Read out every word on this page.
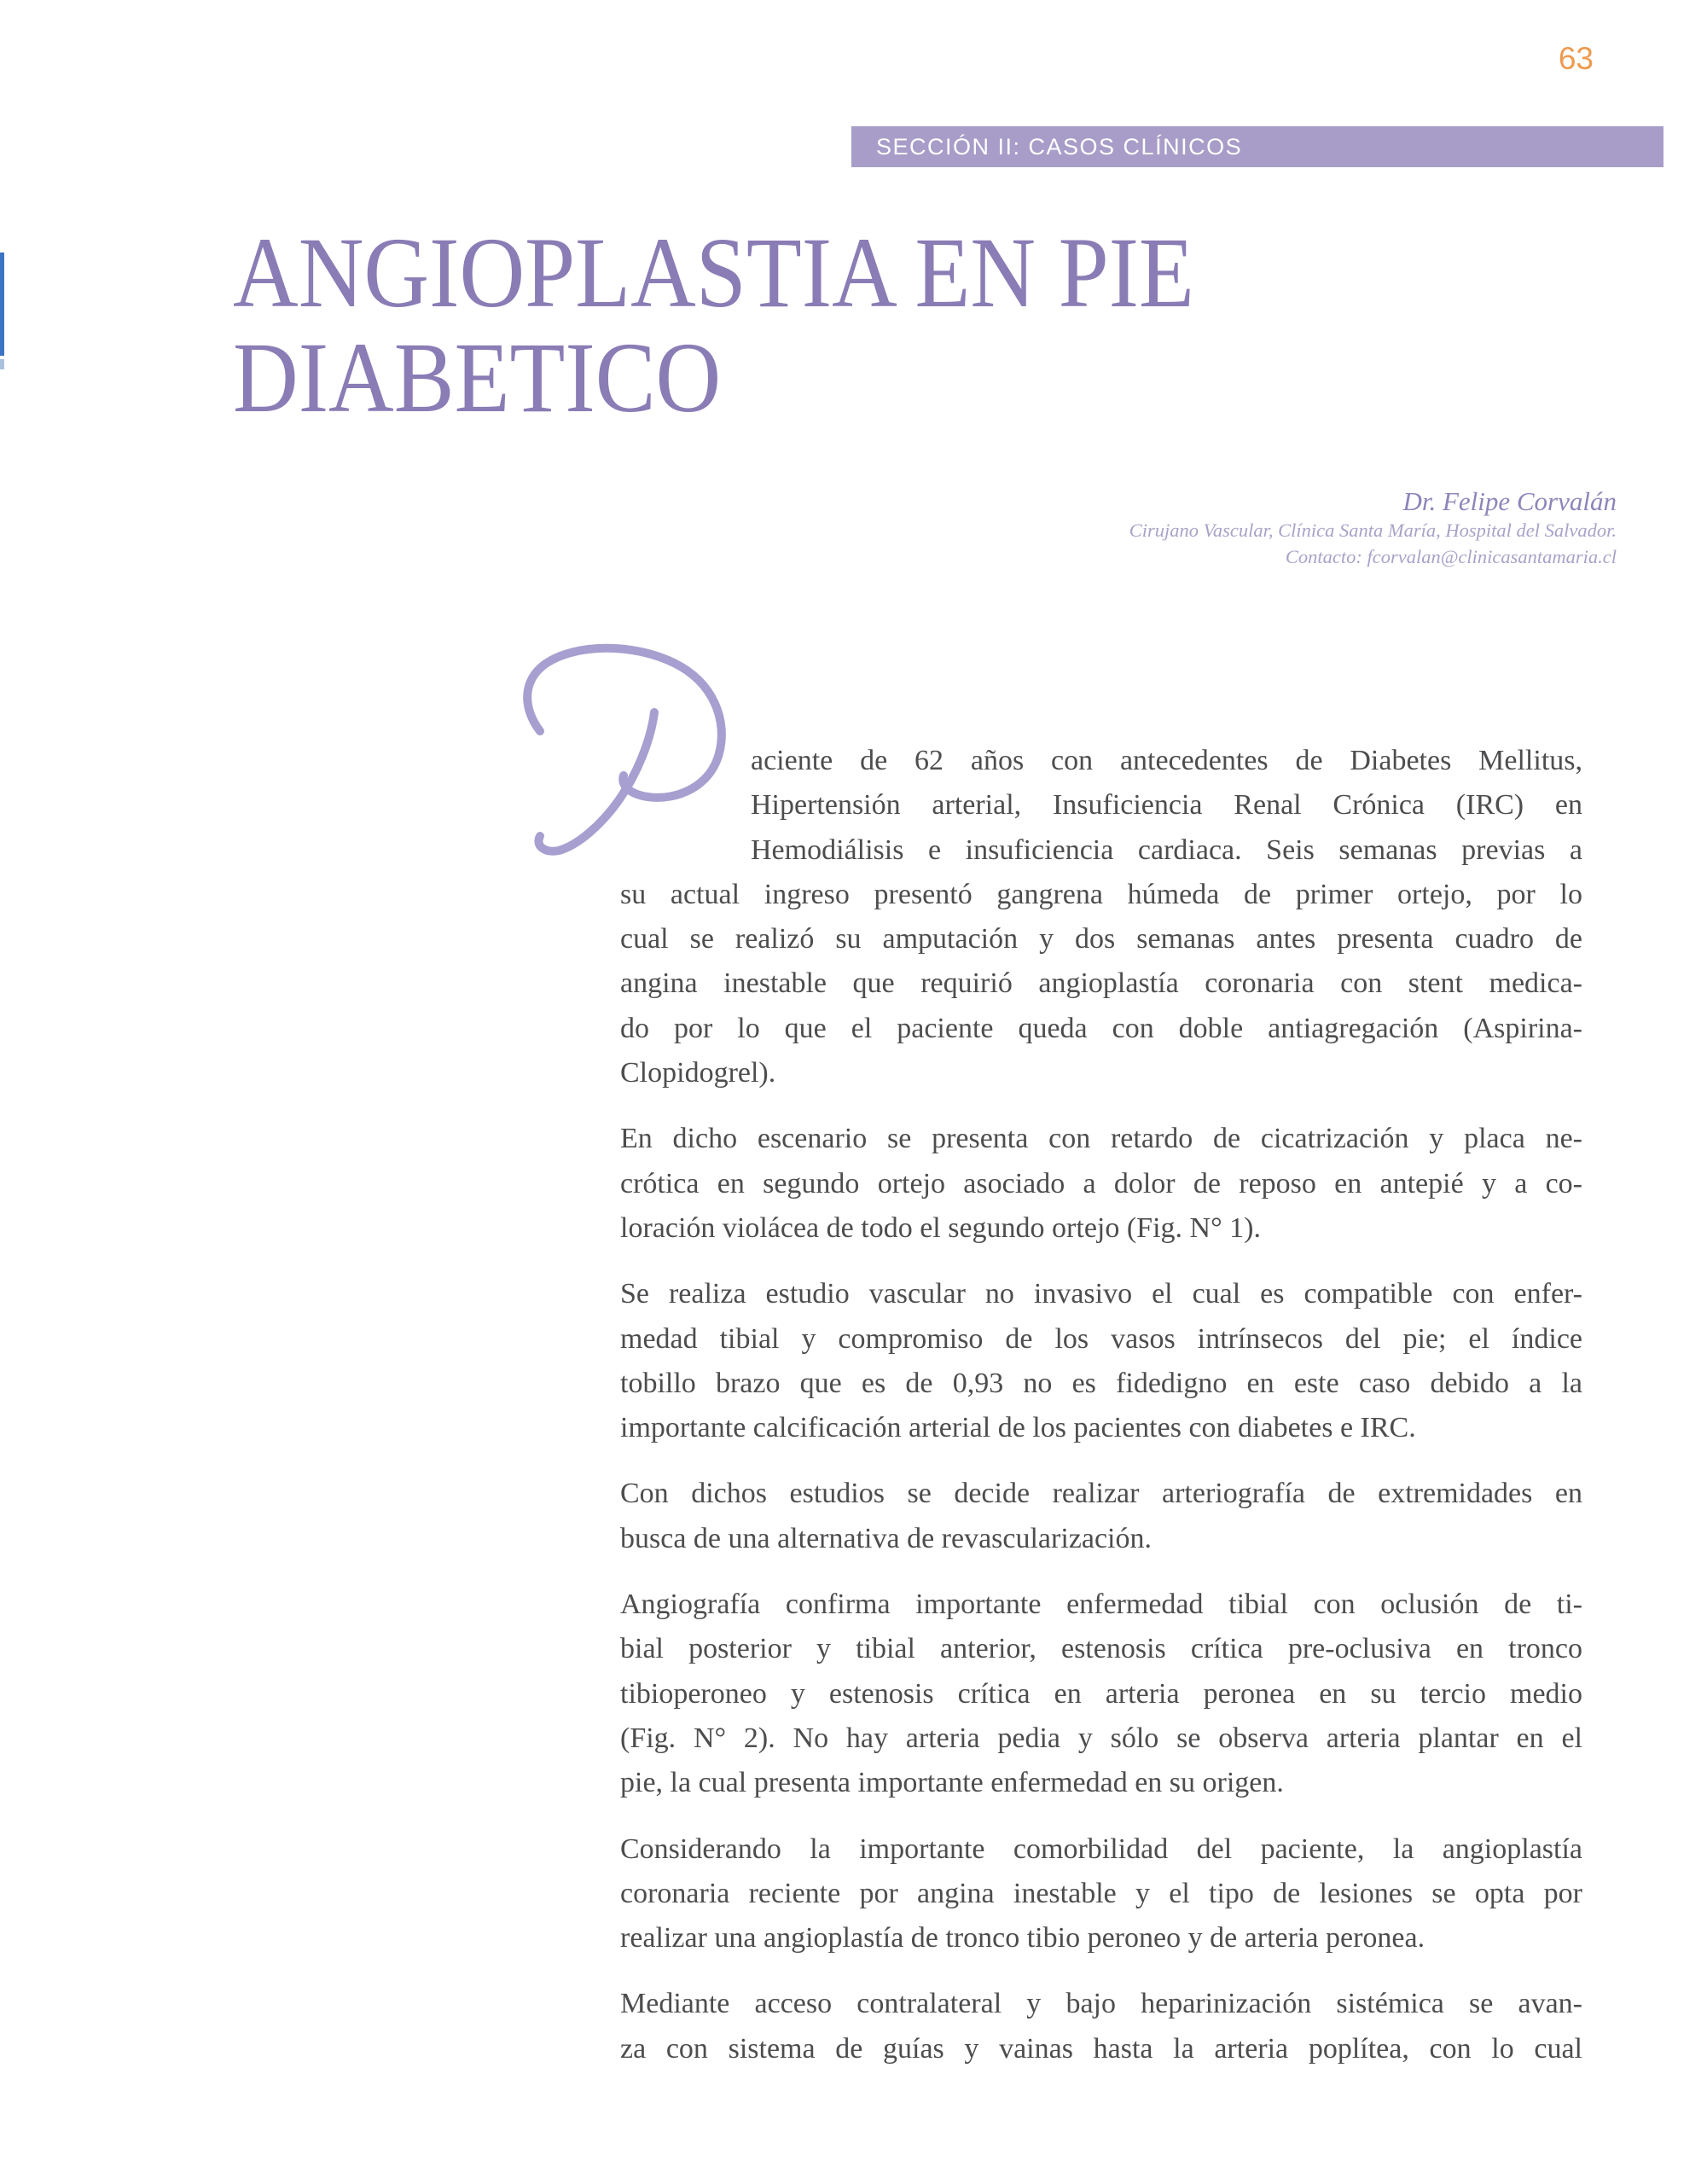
63
SECCIÓN II: CASOS CLÍNICOS
ANGIOPLASTIA EN PIE
DIABETICO
Dr. Felipe Corvalán
Cirujano Vascular, Clínica Santa María, Hospital del Salvador.
Contacto: fcorvalan@clinicasantamaria.cl
aciente de 62 años con antecedentes de Diabetes Mellitus,
Hipertensión arterial, Insuficiencia Renal Crónica (IRC) en
Hemodiálisis e insuficiencia cardiaca. Seis semanas previas a
su actual ingreso presentó gangrena húmeda de primer ortejo, por lo
cual se realizó su amputación y dos semanas antes presenta cuadro de
angina inestable que requirió angioplastía coronaria con stent medica-
do por lo que el paciente queda con doble antiagregación (Aspirina-
Clopidogrel).
En dicho escenario se presenta con retardo de cicatrización y placa ne-
crótica en segundo ortejo asociado a dolor de reposo en antepié y a co-
loración violácea de todo el segundo ortejo (Fig. N° 1).
Se realiza estudio vascular no invasivo el cual es compatible con enfer-
medad tibial y compromiso de los vasos intrínsecos del pie; el índice
tobillo brazo que es de 0,93 no es fidedigno en este caso debido a la
importante calcificación arterial de los pacientes con diabetes e IRC.
Con dichos estudios se decide realizar arteriografía de extremidades en
busca de una alternativa de revascularización.
Angiografía confirma importante enfermedad tibial con oclusión de ti-
bial posterior y tibial anterior, estenosis crítica pre-oclusiva en tronco
tibioperoneo y estenosis crítica en arteria peronea en su tercio medio
(Fig. N° 2). No hay arteria pedia y sólo se observa arteria plantar en el
pie, la cual presenta importante enfermedad en su origen.
Considerando la importante comorbilidad del paciente, la angioplastía
coronaria reciente por angina inestable y el tipo de lesiones se opta por
realizar una angioplastía de tronco tibio peroneo y de arteria peronea.
Mediante acceso contralateral y bajo heparinización sistémica se avan-
za con sistema de guías y vainas hasta la arteria poplítea, con lo cual
